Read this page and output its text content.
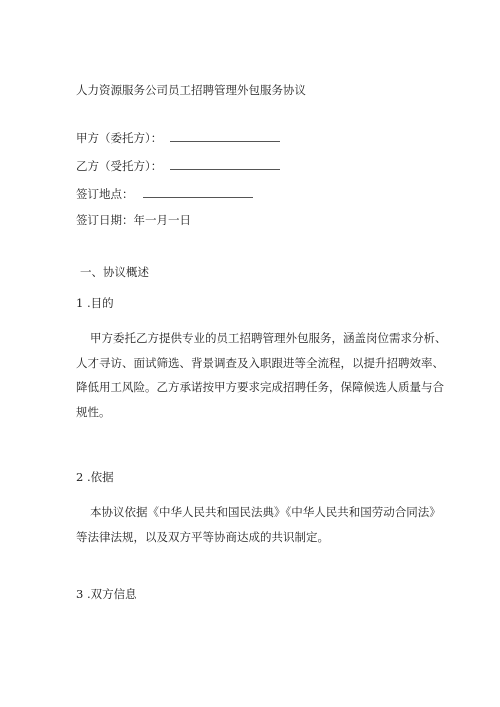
人力资源服务公司员工招聘管理外包服务协议
甲方（委托方）：
乙方（受托方）：
签订地点：
签订日期：年一月一日
一、协议概述
1 .目的
甲方委托乙方提供专业的员工招聘管理外包服务，涵盖岗位需求分析、
人才寻访、面试筛选、背景调查及入职跟进等全流程，以提升招聘效率、
降低用工风险。乙方承诺按甲方要求完成招聘任务，保障候选人质量与合
规性。
2 .依据
本协议依据《中华人民共和国民法典》《中华人民共和国劳动合同法》
等法律法规，以及双方平等协商达成的共识制定。
3 .双方信息
